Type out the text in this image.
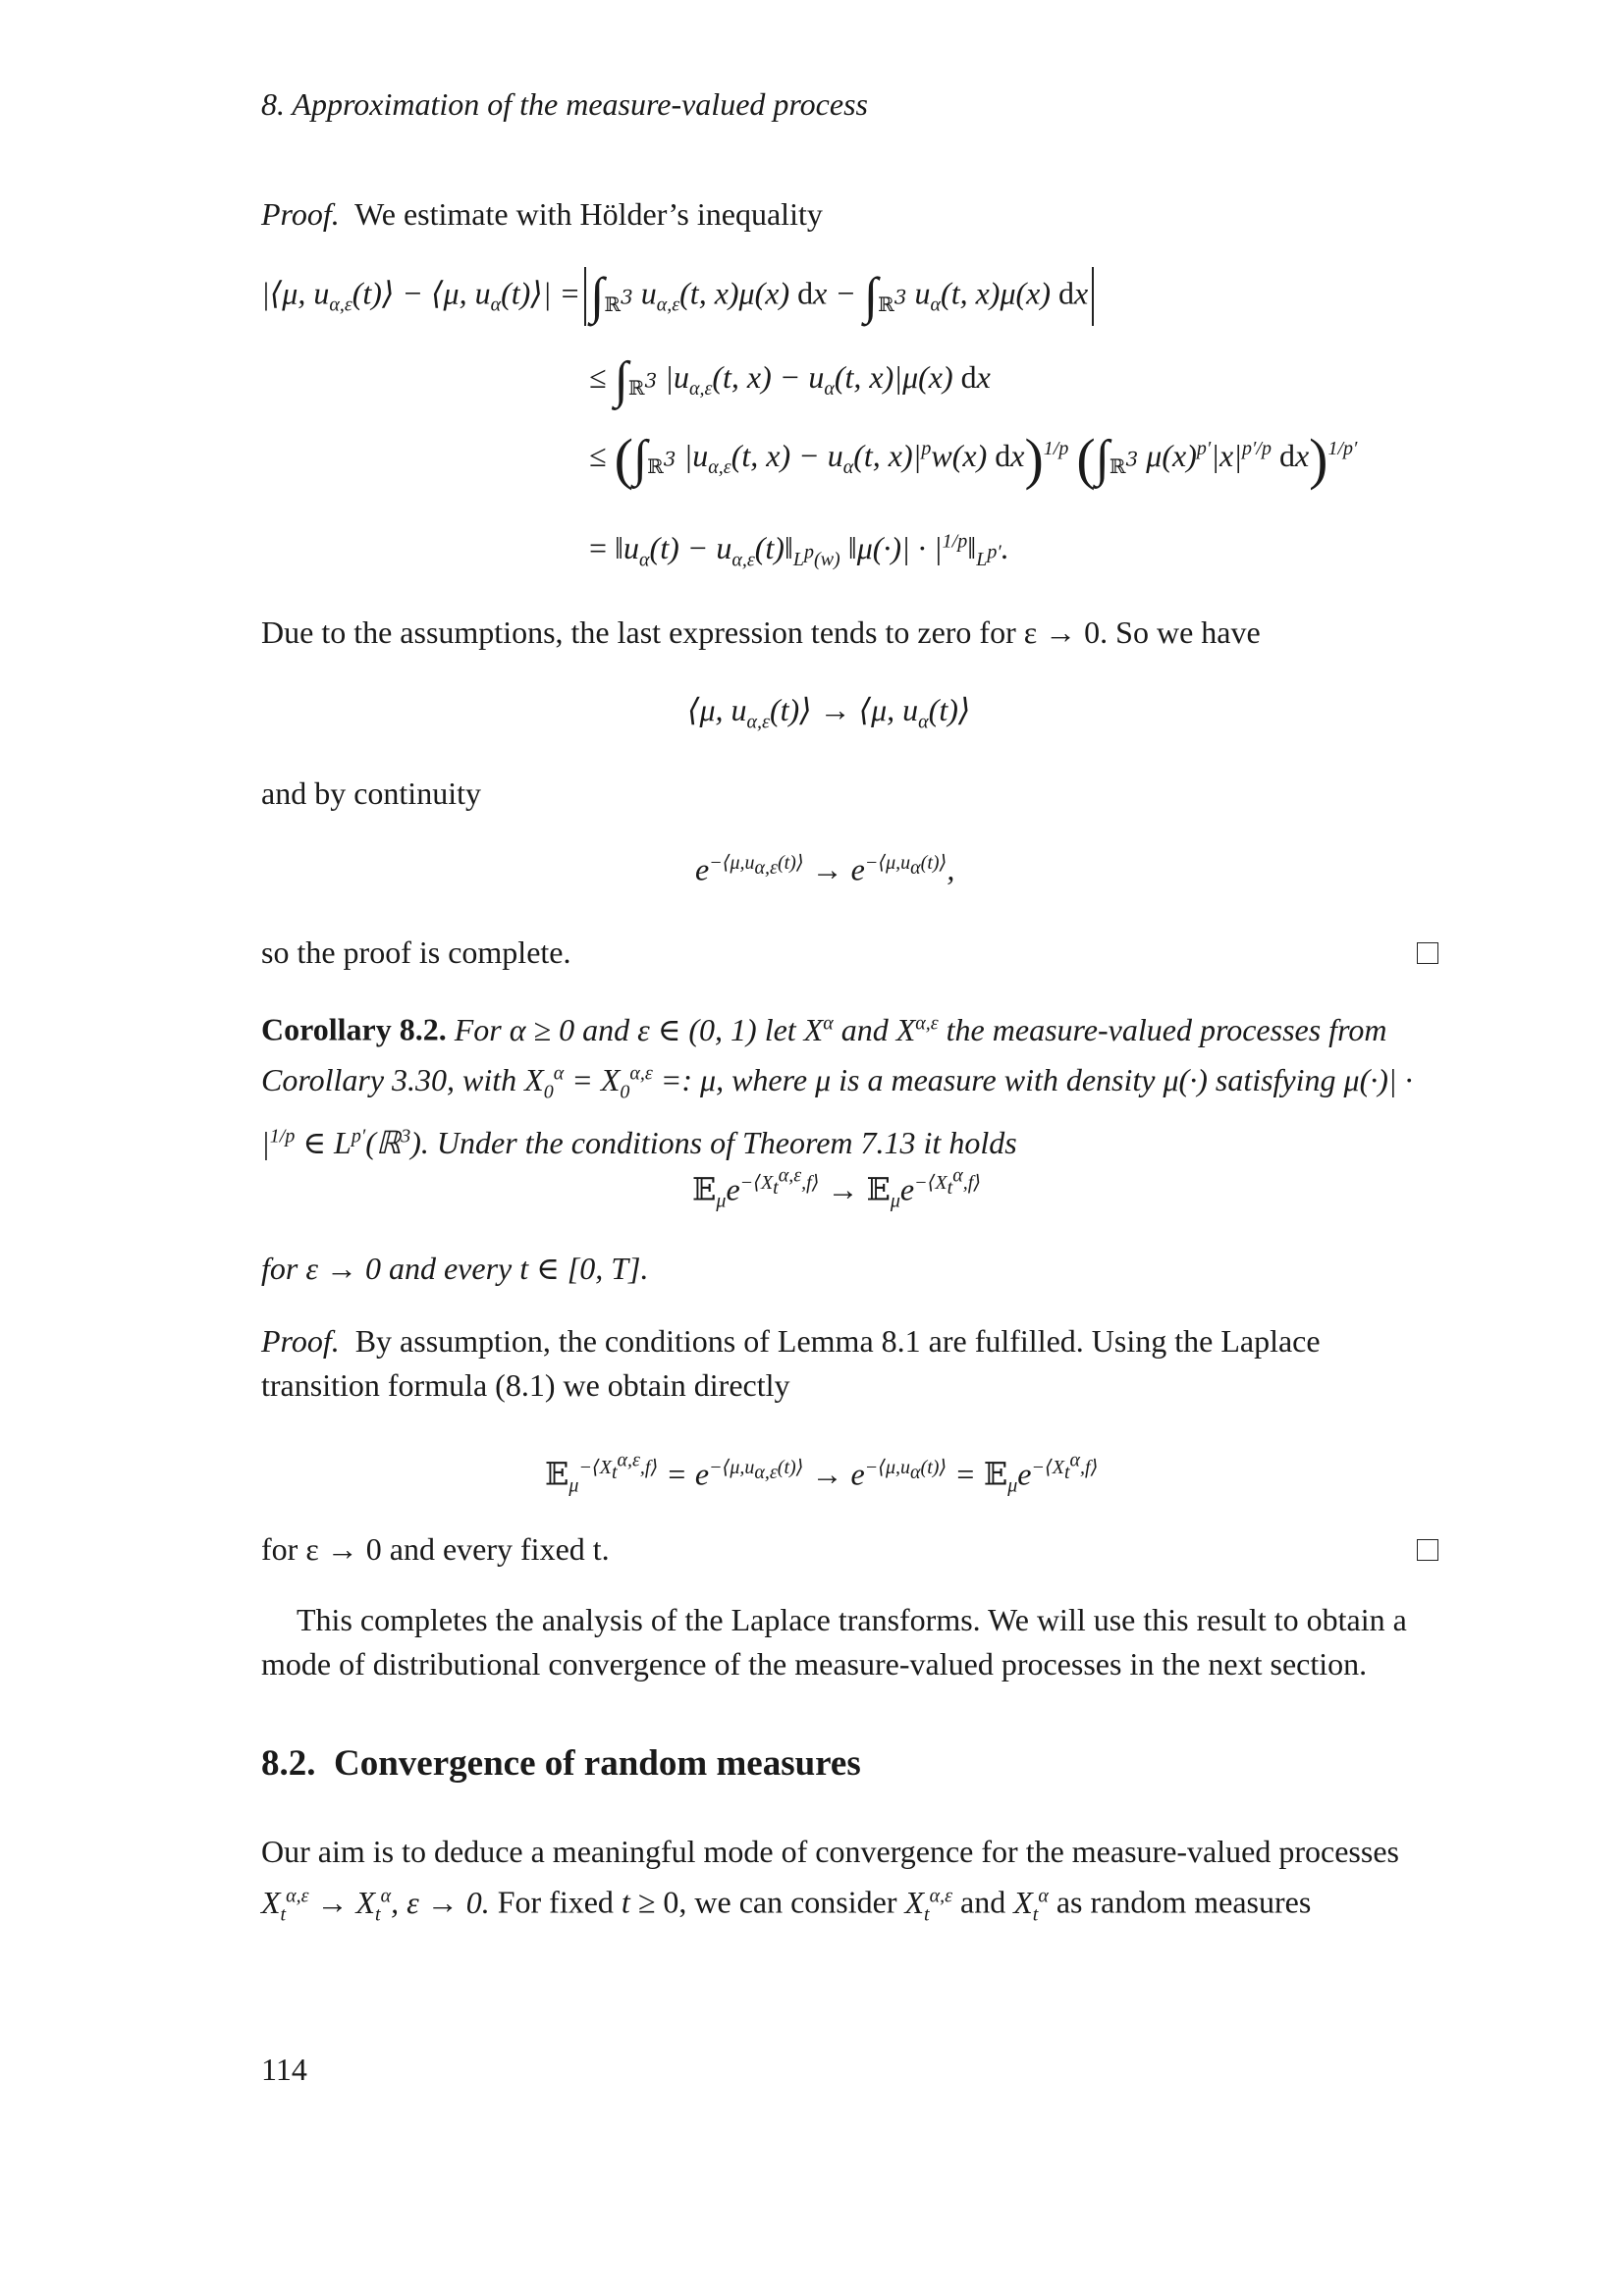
8. Approximation of the measure-valued process
Proof. We estimate with Hölder’s inequality
|⟨μ, $u_{\alpha,\varepsilon}(t)⟩$ − ⟨μ, $u_\alpha(t)⟩| = \int_{ℝ^3}$ $u_{\alpha,\varepsilon}(t$, x)μ(x) dx − $\int_{ℝ^3}$ $u_\alpha(t$, x)μ(x) dx
≤ $\int_{ℝ^3}$ $|u_{\alpha,\varepsilon}(t$, $x) - u_\alpha(t$, x)|μ(x) dx
≤ ($\int_{ℝ^3}$ $|u_{\alpha,\varepsilon}(t$, $x) - u_\alpha(t$, $x)|^pw(x)$ dx)$^{1/p}$ ($\int_{ℝ^3}$ $\mu(x)^{p'}|x|^{p'/p}$ dx)$^{1/p'}$
= $‖u_\alpha(t)$ − $u_{\alpha,\varepsilon}(t)‖_{L^p(w)}$ ‖μ(·)| · $|^{1/p}‖_{L^{p'}}$.
Due to the assumptions, the last expression tends to zero for ε → 0. So we have
⟨μ, $u_{\alpha,\varepsilon}(t)⟩$ → ⟨μ, $u_\alpha(t)⟩$
and by continuity
$e^{-⟨\mu,u_{\alpha,\varepsilon}(t)⟩} \to e^{-⟨\mu,u_\alpha(t)⟩}$,
so the proof is complete.
Corollary 8.2. For α ≥ 0 and ε ∈ (0, 1) let $X^\alpha$ and $X^{\alpha,\varepsilon}$ the measure-valued processes from Corollary 3.30, with $X_0^\alpha = X_0^{\alpha,\varepsilon}$ =: μ, where μ is a measure with density μ(·) satisfying $\mu(\cdot)| \cdot |^{1/p}$ ∈ $L^{p'}(ℝ^3)$. Under the conditions of Theorem 7.13 it holds
$𝔼_\mu e^{-⟨X_t^{\alpha,\varepsilon},f⟩}$ → $𝔼_\mu e^{-⟨X_t^\alpha,f⟩}$
for ε → 0 and every t ∈ [0, T].
Proof. By assumption, the conditions of Lemma 8.1 are fulfilled. Using the Laplace transition formula (8.1) we obtain directly
𝔼$_\mu^{-⟨X_t^{\alpha,\varepsilon},f⟩}$ = $e^{-⟨\mu,u_{\alpha,\varepsilon}(t)⟩} \to e^{-⟨\mu,u_\alpha(t)⟩}$ = $𝔼_\mu e^{-⟨X_t^\alpha,f⟩}$
for ε → 0 and every fixed t.
This completes the analysis of the Laplace transforms. We will use this result to obtain a mode of distributional convergence of the measure-valued processes in the next section.
8.2. Convergence of random measures
Our aim is to deduce a meaningful mode of convergence for the measure-valued processes $X_t^{\alpha,\varepsilon} \to X_t^\alpha$, ε → 0. For fixed t ≥ 0, we can consider $X_t^{\alpha,\varepsilon}$ and $X_t^\alpha$ as random measures
114
